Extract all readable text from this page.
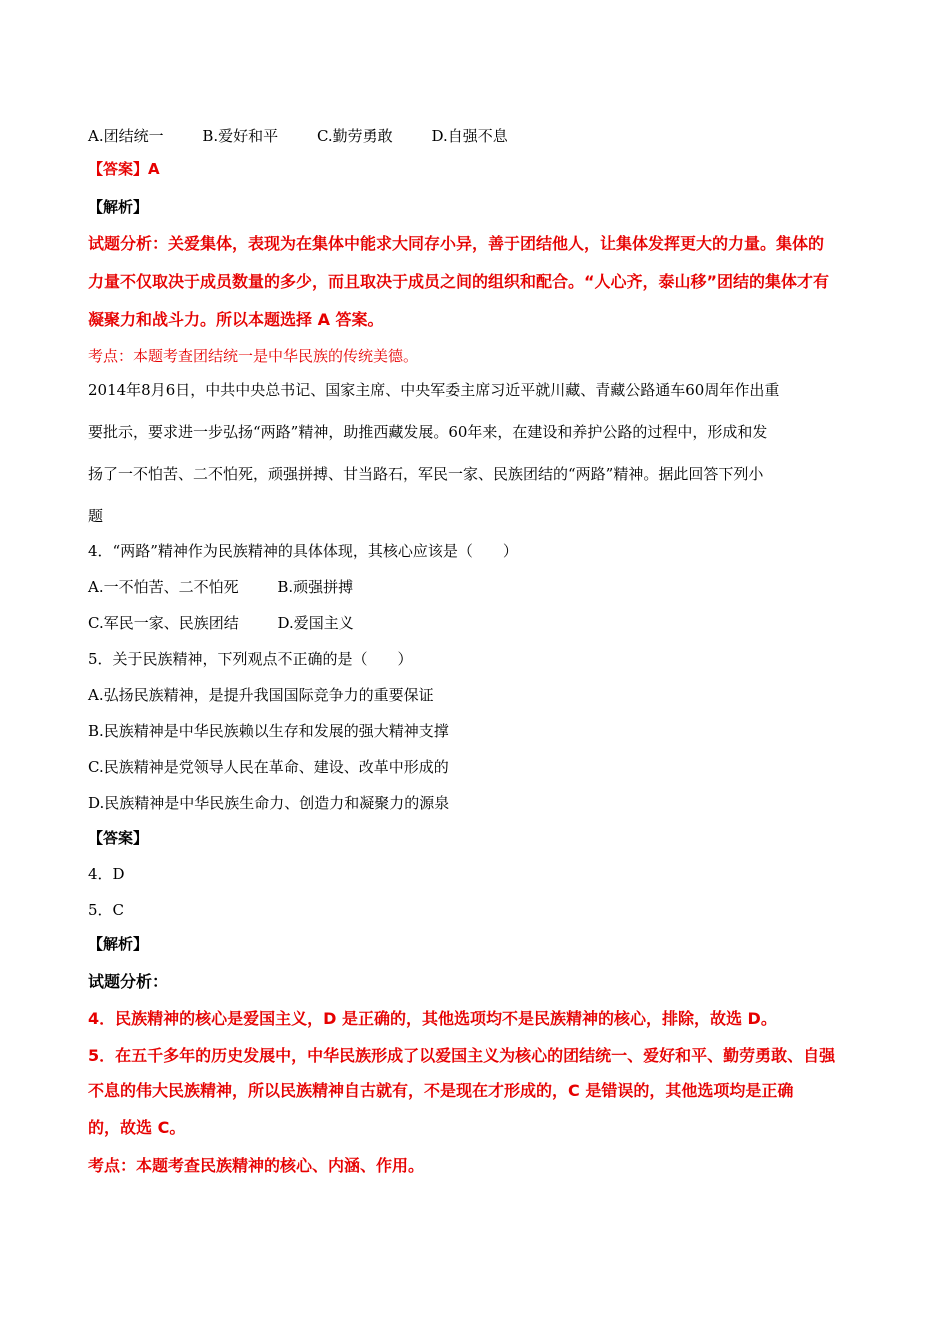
A.团结统一	B.爱好和平	C.勤劳勇敢	D.自强不息
【答案】A
【解析】
试题分析：关爱集体，表现为在集体中能求大同存小异，善于团结他人，让集体发挥更大的力量。集体的
力量不仅取决于成员数量的多少，而且取决于成员之间的组织和配合。“人心齐，泰山移”团结的集体才有
凝聚力和战斗力。所以本题选择 A 答案。
考点：本题考查团结统一是中华民族的传统美德。
2014年8月6日，中共中央总书记、国家主席、中央军委主席习近平就川藏、青藏公路通车60周年作出重
要批示，要求进一步弘扬“两路”精神，助推西藏发展。60年来，在建设和养护公路的过程中，形成和发
扬了一不怕苦、二不怕死，顽强拼搏、甘当路石，军民一家、民族团结的“两路”精神。据此回答下列小
题
4．“两路”精神作为民族精神的具体体现，其核心应该是（　　）
A.一不怕苦、二不怕死	B.顽强拼搏
C.军民一家、民族团结	D.爱国主义
5．关于民族精神，下列观点不正确的是（　　）
A.弘扬民族精神，是提升我国国际竞争力的重要保证
B.民族精神是中华民族赖以生存和发展的强大精神支撑
C.民族精神是党领导人民在革命、建设、改革中形成的
D.民族精神是中华民族生命力、创造力和凝聚力的源泉
【答案】
4．D
5．C
【解析】
试题分析：
4．民族精神的核心是爱国主义，D 是正确的，其他选项均不是民族精神的核心，排除，故选 D。
5．在五千多年的历史发展中，中华民族形成了以爱国主义为核心的团结统一、爱好和平、勤劳勇敢、自强
不息的伟大民族精神，所以民族精神自古就有，不是现在才形成的，C 是错误的，其他选项均是正确
的，故选 C。
考点：本题考查民族精神的核心、内涵、作用。
